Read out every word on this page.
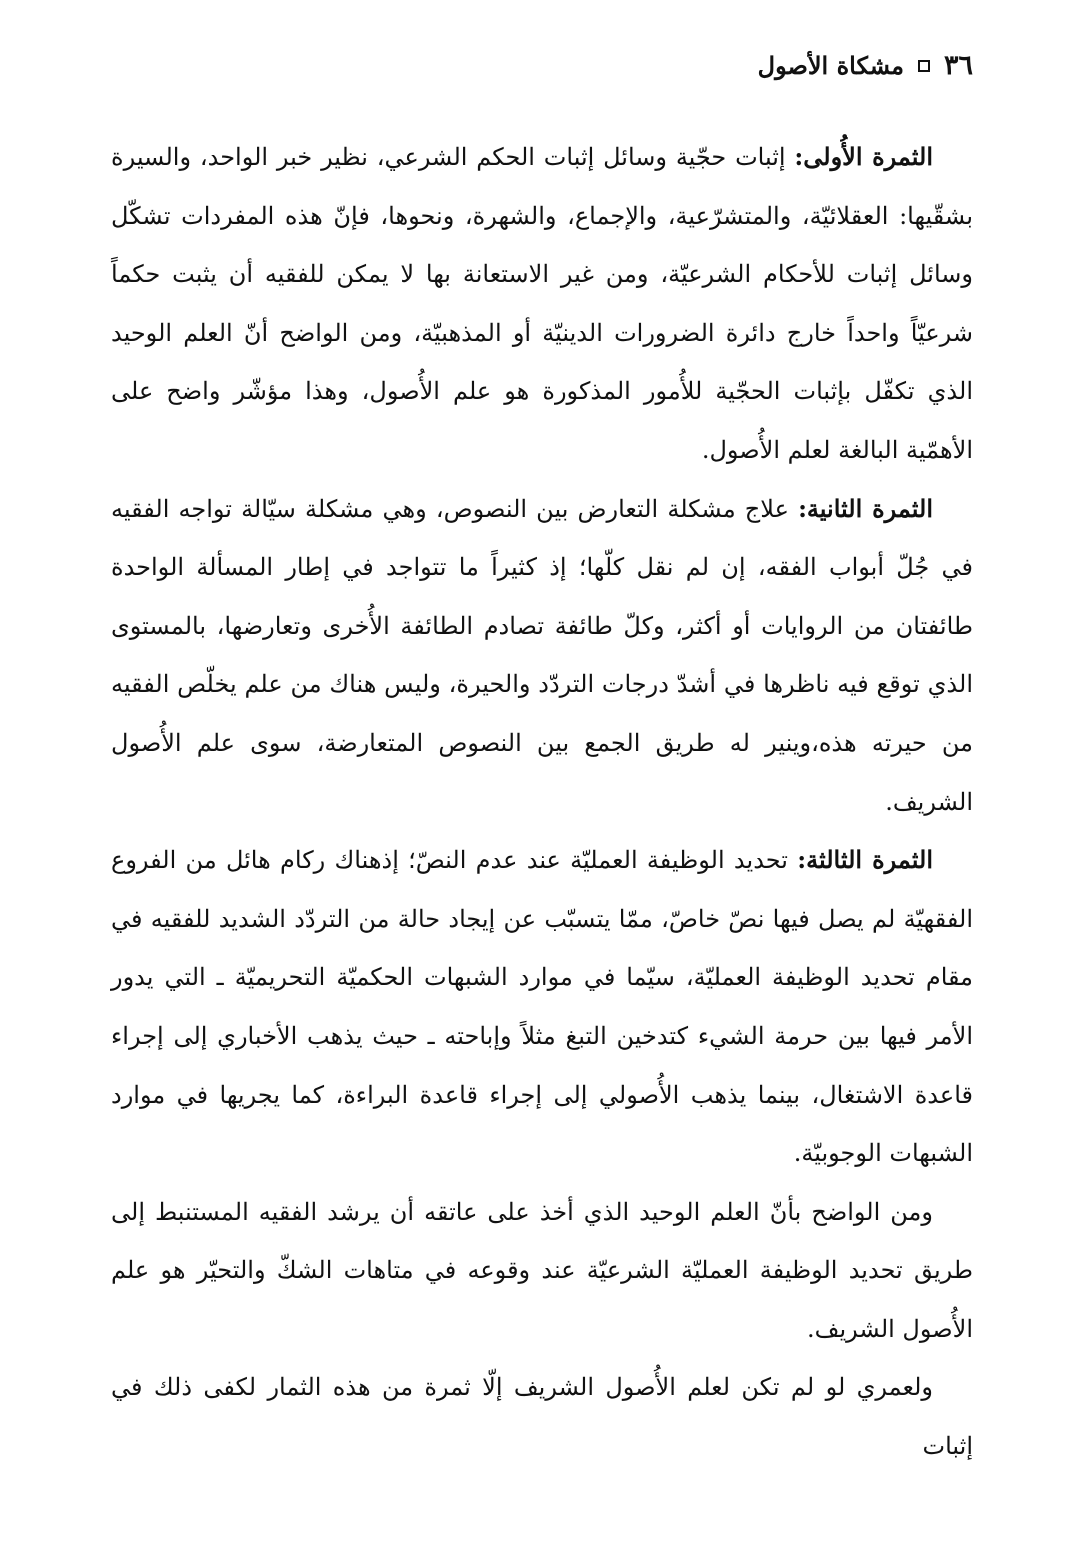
٣٦
مشكاة الأصول

الثمرة الأُولى: إثبات حجّية وسائل إثبات الحكم الشرعي، نظير خبر الواحد، والسيرة بشقّيها: العقلائيّة، والمتشرّعية، والإجماع، والشهرة، ونحوها، فإنّ هذه المفردات تشكّل وسائل إثبات للأحكام الشرعيّة، ومن غير الاستعانة بها لا يمكن للفقيه أن يثبت حكماً شرعيّاً واحداً خارج دائرة الضرورات الدينيّة أو المذهبيّة، ومن الواضح أنّ العلم الوحيد الذي تكفّل بإثبات الحجّية للأُمور المذكورة هو علم الأُصول، وهذا مؤشّر واضح على الأهمّية البالغة لعلم الأُصول.

الثمرة الثانية: علاج مشكلة التعارض بين النصوص، وهي مشكلة سيّالة تواجه الفقيه في جُلّ أبواب الفقه، إن لم نقل كلّها؛ إذ كثيراً ما تتواجد في إطار المسألة الواحدة طائفتان من الروايات أو أكثر، وكلّ طائفة تصادم الطائفة الأُخرى وتعارضها، بالمستوى الذي توقع فيه ناظرها في أشدّ درجات التردّد والحيرة، وليس هناك من علم يخلّص الفقيه من حيرته هذه،وينير له طريق الجمع بين النصوص المتعارضة، سوى علم الأُصول الشريف.

الثمرة الثالثة: تحديد الوظيفة العمليّة عند عدم النصّ؛ إذهناك ركام هائل من الفروع الفقهيّة لم يصل فيها نصّ خاصّ، ممّا يتسبّب عن إيجاد حالة من التردّد الشديد للفقيه في مقام تحديد الوظيفة العمليّة، سيّما في موارد الشبهات الحكميّة التحريميّة ـ التي يدور الأمر فيها بين حرمة الشيء كتدخين التبغ مثلاً وإباحته ـ حيث يذهب الأخباري إلى إجراء قاعدة الاشتغال، بينما يذهب الأُصولي إلى إجراء قاعدة البراءة، كما يجريها في موارد الشبهات الوجوبيّة.

ومن الواضح بأنّ العلم الوحيد الذي أخذ على عاتقه أن يرشد الفقيه المستنبط إلى طريق تحديد الوظيفة العمليّة الشرعيّة عند وقوعه في متاهات الشكّ والتحيّر هو علم الأُصول الشريف.

ولعمري لو لم تكن لعلم الأُصول الشريف إلّا ثمرة من هذه الثمار لكفى ذلك في إثبات
